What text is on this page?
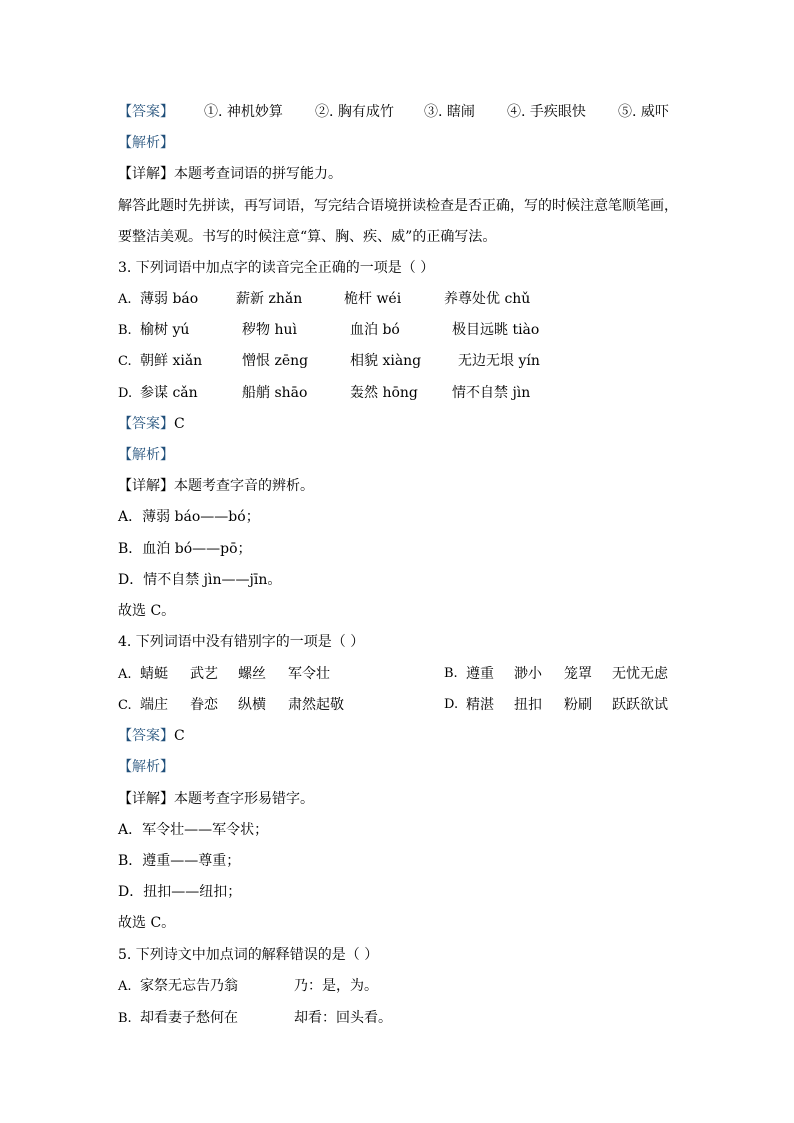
【答案】 ①. 神机妙算 ②. 胸有成竹 ③. 瞎闹 ④. 手疾眼快 ⑤. 威吓
【解析】
【详解】本题考查词语的拼写能力。
解答此题时先拼读，再写词语，写完结合语境拼读检查是否正确，写的时候注意笔顺笔画，
要整洁美观。书写的时候注意“算、胸、疾、威”的正确写法。
3. 下列词语中加点字的读音完全正确的一项是（ ）
A. 薄弱 báo	薪新 zhǎn	桅杆 wéi	养尊处优 chǔ
B. 榆树 yú	秽物 huì	血泊 bó	极目远眺 tiào
C. 朝鲜 xiǎn	憎恨 zēng	相貌 xiàng	无边无垠 yín
D. 参谋 cǎn	船艄 shāo	轰然 hōng 情不自禁 jìn
【答案】C
【解析】
【详解】本题考查字音的辨析。
A．薄弱 báo——bó；
B．血泊 bó——pō；
D．情不自禁 jìn——jīn。
故选 C。
4. 下列词语中没有错别字的一项是（ ）
A. 蜻蜓 武艺 螺丝 军令壮	B. 遵重 渺小 笼罩 无忧无虑
C. 端庄 眷恋 纵横 肃然起敬	D. 精湛 扭扣 粉刷 跃跃欲试
【答案】C
【解析】
【详解】本题考查字形易错字。
A．军令壮——军令状；
B．遵重——尊重；
D．扭扣——纽扣；
故选 C。
5. 下列诗文中加点词的解释错误的是（ ）
A. 家祭无忘告乃翁	乃：是，为。
B. 却看妻子愁何在	却看：回头看。
